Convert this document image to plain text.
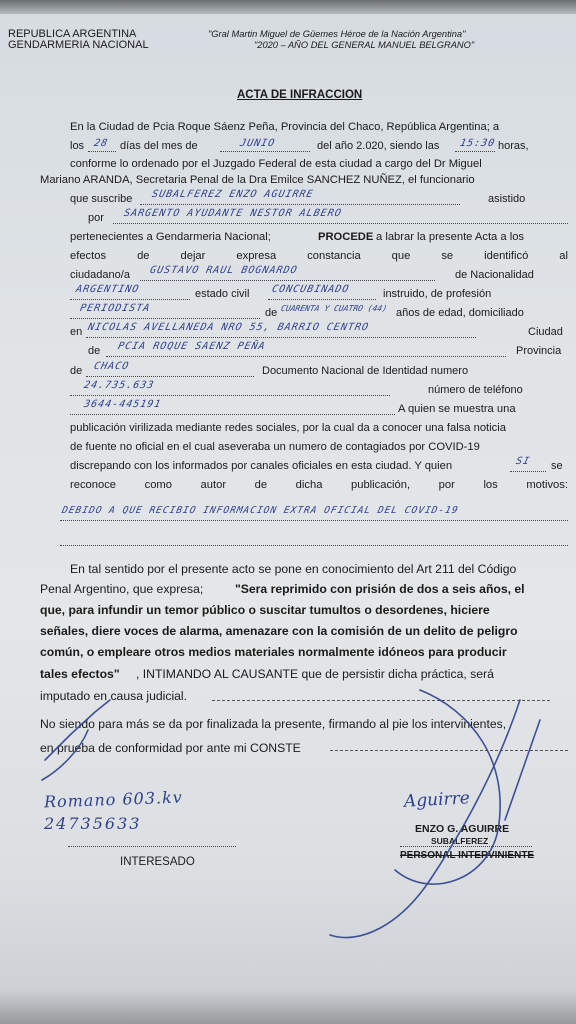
REPUBLICA ARGENTINA
GENDARMERIA NACIONAL
"Gral Martin Miguel de Güemes Héroe de la Nación Argentina"
"2020 – AÑO DEL GENERAL MANUEL BELGRANO"
ACTA DE INFRACCION
En la Ciudad de Pcia Roque Sáenz Peña, Provincia del Chaco, República Argentina; a
los 28 días del mes de	JUNIO	del año 2.020, siendo las 15:30 horas,
conforme lo ordenado por el Juzgado Federal de esta ciudad a cargo del Dr Miguel
Mariano ARANDA, Secretaria Penal de la Dra Emilce SANCHEZ NUÑEZ, el funcionario
que suscribe SUBALFEREZ ENZO AGUIRRE	asistido
por SARGENTO AYUDANTE NESTOR ALBERO
pertenecientes a Gendarmeria Nacional;	PROCEDE a labrar la presente Acta a los
efectos de dejar expresa constancia que se identificó al
ciudadano/a GUSTAVO RAUL BOGNARDO	de Nacionalidad
ARGENTINO	estado civil CONCUBINADO	instruido, de profesión
PERIODISTA	de CUARENTA Y CUATRO (44) años de edad, domiciliado
en NICOLAS AVELLANEDA NRO 55, BARRIO CENTRO	Ciudad
de PCIA ROQUE SAENZ PEÑA	Provincia
de CHACO	Documento Nacional de Identidad numero
24.735.633	número de teléfono
3644-445191	A quien se muestra una
publicación virilizada mediante redes sociales, por la cual da a conocer una falsa noticia
de fuente no oficial en el cual aseveraba un numero de contagiados por COVID-19
discrepando con los informados por canales oficiales en esta ciudad. Y quien	SI se
reconoce como autor de dicha publicación, por los motivos:
DEBIDO A QUE RECIBIO INFORMACION EXTRA OFICIAL DEL COVID-19
En tal sentido por el presente acto se pone en conocimiento del Art 211 del Código
Penal Argentino, que expresa;	"Sera reprimido con prisión de dos a seis años, el
que, para infundir un temor público o suscitar tumultos o desordenes, hiciere
señales, diere voces de alarma, amenazare con la comisión de un delito de peligro
común, o empleare otros medios materiales normalmente idóneos para producir
tales efectos" , INTIMANDO AL CAUSANTE que de persistir dicha práctica, será
imputado en causa judicial.
No siendo para más se da por finalizada la presente, firmando al pie los intervinientes,
en prueba de conformidad por ante mi CONSTE
Romano 603.kv
24735633
INTERESADO
Aguirre
ENZO G. AGUIRRE
SUBALFEREZ
PERSONAL INTERVINIENTE
